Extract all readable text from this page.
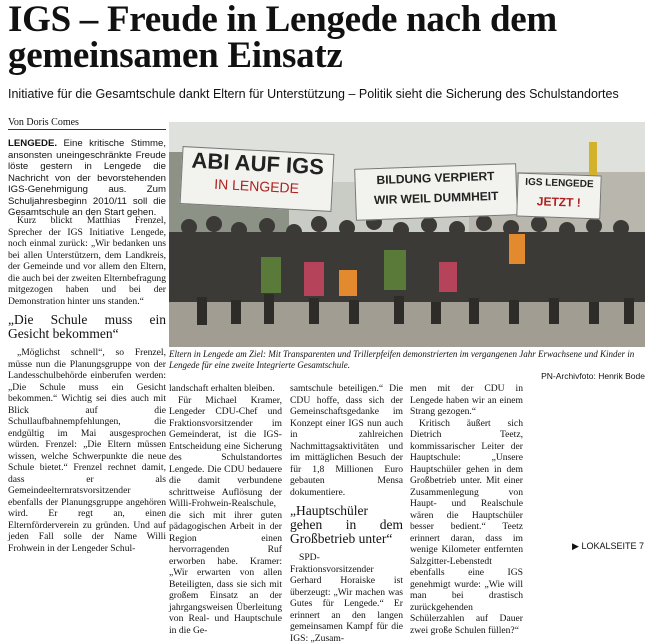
IGS – Freude in Lengede nach dem gemeinsamen Einsatz
Initiative für die Gesamtschule dankt Eltern für Unterstützung – Politik sieht die Sicherung des Schulstandortes
Von Doris Comes

LENGEDE. Eine kritische Stimme, ansonsten uneingeschränkte Freude löste gestern in Lengede die Nachricht von der bevorstehenden IGS-Genehmigung aus. Zum Schuljahresbeginn 2010/11 soll die Gesamtschule an den Start gehen.

Kurz blickt Matthias Frenzel, Sprecher der IGS Initiative Lengede, noch einmal zurück: „Wir bedanken uns bei allen Unterstützern, dem Landkreis, der Gemeinde und vor allem den Eltern, die auch bei der zweiten Elternbefragung mitgezogen haben und bei der Demonstration hinter uns standen.“

„Die Schule muss ein Gesicht bekommen“

„Möglichst schnell“, so Frenzel, müsse nun die Planungsgruppe von der Landesschulbehörde einberufen werden: „Die Schule muss ein Gesicht bekommen.“ Wichtig sei dies auch mit Blick auf die Schullaufbahnempfehlungen, die endgültig im Mai ausgesprochen würden. Frenzel: „Die Eltern müssen wissen, welche Schwerpunkte die neue Schule bietet.“ Frenzel rechnet damit, dass er als Gemeindeelternratsvorsitzender ebenfalls der Planungsgruppe angehören wird. Er regt an, einen Elternförderverein zu gründen. Und auf jeden Fall solle der Name Willi Frohwein in der Lengeder Schul-

ABI AUF IGS
IN LENGEDE	BILDUNG VERPIERT
WIR WEIL DUMMHEIT
IGS LENGEDE
JETZT !
Eltern in Lengede am Ziel: Mit Transparenten und Trillerpfeifen demonstrierten im vergangenen Jahr Erwachsene und Kinder in Lengede für eine zweite Integrierte Gesamtschule.
PN-Archivfoto: Henrik Bode

landschaft erhalten bleiben.

Für Michael Kramer, Lengeder CDU-Chef und Fraktionsvorsitzender im Gemeinderat, ist die IGS-Entscheidung eine Sicherung des Schulstandortes Lengede. Die CDU bedauere die damit verbundene schrittweise Auflösung der Willi-Frohwein-Realschule, die sich mit ihrer guten pädagogischen Arbeit in der Region einen hervorragenden Ruf erworben habe. Kramer: „Wir erwarten von allen Beteiligten, dass sie sich mit großem Einsatz an der jahrgangsweisen Überleitung von Real- und Hauptschule in die Ge-

samtschule beteiligen.“ Die CDU hoffe, dass sich der Gemeinschaftsgedanke im Konzept einer IGS nun auch in zahlreichen Nachmittagsaktivitäten und im mittäglichen Besuch der für 1,8 Millionen Euro gebauten Mensa dokumentiere.

„Hauptschüler gehen in dem Großbetrieb unter“

SPD-Fraktionsvorsitzender Gerhard Horaiske ist überzeugt: „Wir machen was Gutes für Lengede.“ Er erinnert an den langen gemeinsamen Kampf für die IGS: „Zusam-

men mit der CDU in Lengede haben wir an einem Strang gezogen.“

Kritisch äußert sich Dietrich Teetz, kommissarischer Leiter der Hauptschule: „Unsere Hauptschüler gehen in dem Großbetrieb unter. Mit einer Zusammenlegung von Haupt- und Realschule wären die Hauptschüler besser bedient.“ Teetz erinnert daran, dass im wenige Kilometer entfernten Salzgitter-Lebenstedt ebenfalls eine IGS genehmigt wurde: „Wie will man bei drastisch zurückgehenden Schülerzahlen auf Dauer zwei große Schulen füllen?“

▶ LOKALSEITE 7
